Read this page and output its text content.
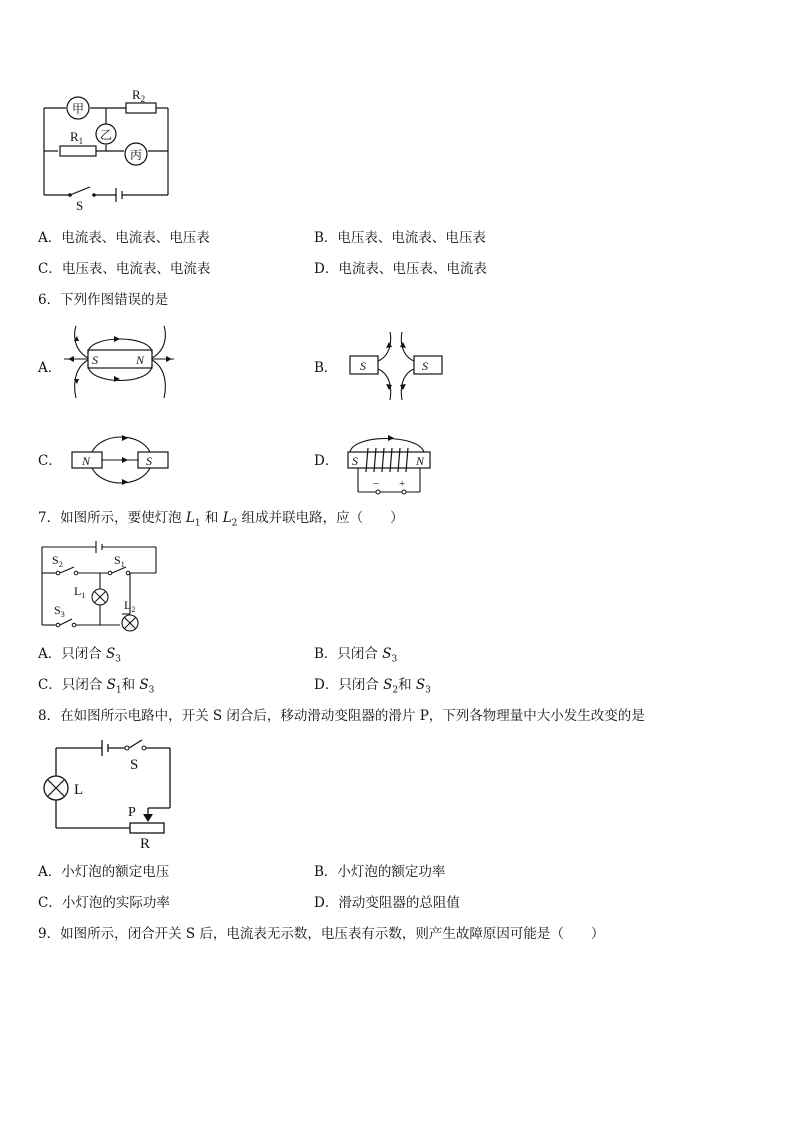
甲
乙
丙
$R_2$
$R_1$
S
A．电流表、电流表、电压表	B．电压表、电流表、电压表
C．电压表、电流表、电流表	D．电流表、电压表、电流表
6．下列作图错误的是
A．	S	N	B． S	S
C． N	S	D． S	N
− +
7．如图所示，要使灯泡 $L_1$ 和 $L_2$ 组成并联电路，应（　　）
$S_2$	$S_1$
$S_3$
$L_1$
$L_2$
A．只闭合 $S_3$	B．只闭合 $S_3$
C．只闭合 $S_1$和 $S_3$	D．只闭合 $S_2$和 $S_3$
8．在如图所示电路中，开关 S 闭合后，移动滑动变阻器的滑片 P，下列各物理量中大小发生改变的是
L
S
P
R
A．小灯泡的额定电压	B．小灯泡的额定功率
C．小灯泡的实际功率	D．滑动变阻器的总阻值
9．如图所示，闭合开关 S 后，电流表无示数，电压表有示数，则产生故障原因可能是（　　）
